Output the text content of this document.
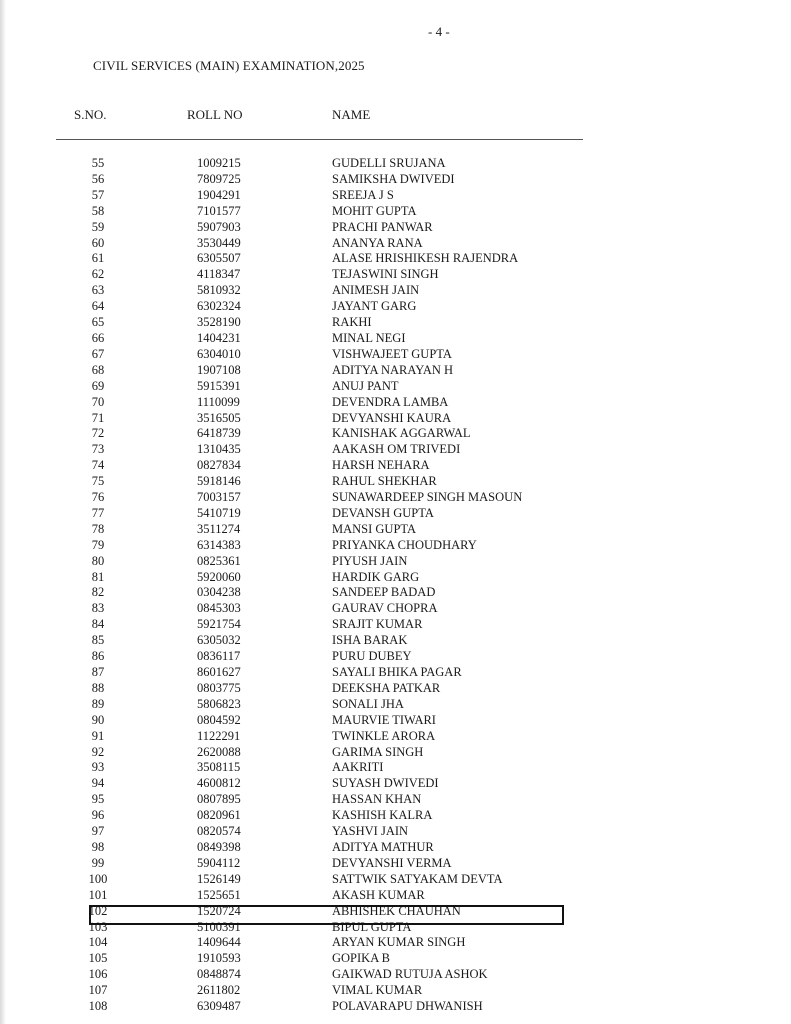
- 4 -
CIVIL SERVICES (MAIN) EXAMINATION,2025
S.NO.	ROLL NO	NAME
55	1009215	GUDELLI SRUJANA
56	7809725	SAMIKSHA DWIVEDI
57	1904291	SREEJA J S
58	7101577	MOHIT GUPTA
59	5907903	PRACHI PANWAR
60	3530449	ANANYA RANA
61	6305507	ALASE HRISHIKESH RAJENDRA
62	4118347	TEJASWINI SINGH
63	5810932	ANIMESH JAIN
64	6302324	JAYANT GARG
65	3528190	RAKHI
66	1404231	MINAL NEGI
67	6304010	VISHWAJEET GUPTA
68	1907108	ADITYA NARAYAN H
69	5915391	ANUJ PANT
70	1110099	DEVENDRA LAMBA
71	3516505	DEVYANSHI KAURA
72	6418739	KANISHAK AGGARWAL
73	1310435	AAKASH OM TRIVEDI
74	0827834	HARSH NEHARA
75	5918146	RAHUL SHEKHAR
76	7003157	SUNAWARDEEP SINGH MASOUN
77	5410719	DEVANSH GUPTA
78	3511274	MANSI GUPTA
79	6314383	PRIYANKA CHOUDHARY
80	0825361	PIYUSH JAIN
81	5920060	HARDIK GARG
82	0304238	SANDEEP BADAD
83	0845303	GAURAV CHOPRA
84	5921754	SRAJIT KUMAR
85	6305032	ISHA BARAK
86	0836117	PURU DUBEY
87	8601627	SAYALI BHIKA PAGAR
88	0803775	DEEKSHA PATKAR
89	5806823	SONALI JHA
90	0804592	MAURVIE TIWARI
91	1122291	TWINKLE ARORA
92	2620088	GARIMA SINGH
93	3508115	AAKRITI
94	4600812	SUYASH DWIVEDI
95	0807895	HASSAN KHAN
96	0820961	KASHISH KALRA
97	0820574	YASHVI JAIN
98	0849398	ADITYA MATHUR
99	5904112	DEVYANSHI VERMA
100	1526149	SATTWIK SATYAKAM DEVTA
101	1525651	AKASH KUMAR
102	1520724	ABHISHEK CHAUHAN
103	5100391	BIPUL GUPTA
104	1409644	ARYAN KUMAR SINGH
105	1910593	GOPIKA B
106	0848874	GAIKWAD RUTUJA ASHOK
107	2611802	VIMAL KUMAR
108	6309487	POLAVARAPU DHWANISH
